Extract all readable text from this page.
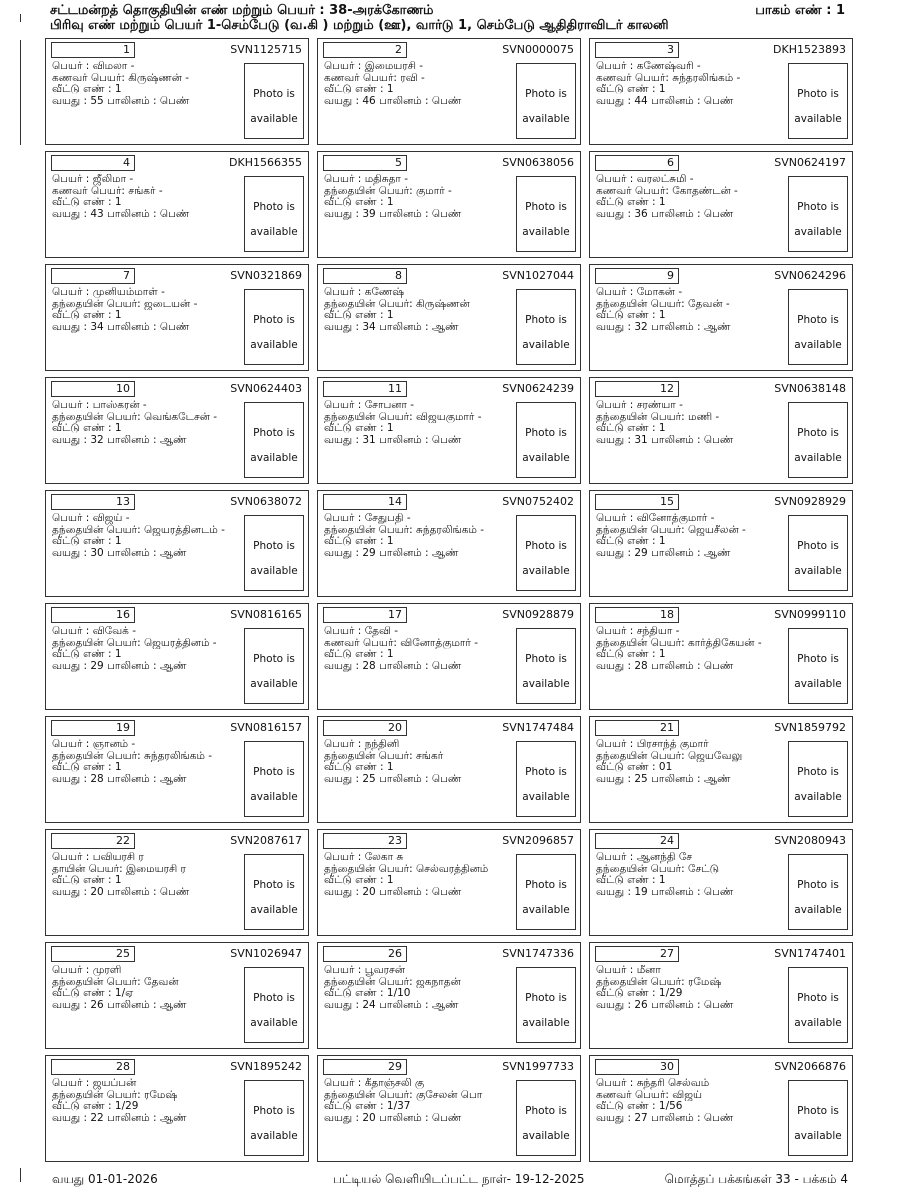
சட்டமன்றத் தொகுதியின் எண் மற்றும் பெயர் : 38-அரக்கோணம்
பிரிவு எண் மற்றும் பெயர் 1-செம்பேடு (வ.கி ) மற்றும் (ஊ), வார்டு 1, செம்பேடு ஆதிதிராவிடர் காலனி
பாகம் எண் : 1
1	SVN1125715
பெயர் : விமலா -
கணவர் பெயர்: கிருஷ்ணன் -
வீட்டு எண் : 1
வயது : 55 பாலினம் : பெண்
Photo is
available
2	SVN0000075
பெயர் : இமையரசி -
கணவர் பெயர்: ரவி -
வீட்டு எண் : 1
வயது : 46 பாலினம் : பெண்
Photo is
available
3	DKH1523893
பெயர் : கணேஷ்வரி -
கணவர் பெயர்: சுந்தரலிங்கம் -
வீட்டு எண் : 1
வயது : 44 பாலினம் : பெண்
Photo is
available
4	DKH1566355
பெயர் : ஜீலிமா -
கணவர் பெயர்: சங்கர் -
வீட்டு எண் : 1
வயது : 43 பாலினம் : பெண்
Photo is
available
5	SVN0638056
பெயர் : மதிசுதா -
தந்தையின் பெயர்: குமார் -
வீட்டு எண் : 1
வயது : 39 பாலினம் : பெண்
Photo is
available
6	SVN0624197
பெயர் : வரலட்சுமி -
கணவர் பெயர்: கோதண்டன் -
வீட்டு எண் : 1
வயது : 36 பாலினம் : பெண்
Photo is
available
7	SVN0321869
பெயர் : முனியம்மாள் -
தந்தையின் பெயர்: ஜடையன் -
வீட்டு எண் : 1
வயது : 34 பாலினம் : பெண்
Photo is
available
8	SVN1027044
பெயர் : கணேஷ்
தந்தையின் பெயர்: கிருஷ்ணன்
வீட்டு எண் : 1
வயது : 34 பாலினம் : ஆண்
Photo is
available
9	SVN0624296
பெயர் : மோகன் -
தந்தையின் பெயர்: தேவன் -
வீட்டு எண் : 1
வயது : 32 பாலினம் : ஆண்
Photo is
available
10	SVN0624403
பெயர் : பாஸ்கரன் -
தந்தையின் பெயர்: வெங்கடேசன் -
வீட்டு எண் : 1
வயது : 32 பாலினம் : ஆண்
Photo is
available
11	SVN0624239
பெயர் : சோபனா -
தந்தையின் பெயர்: விஜயகுமார் -
வீட்டு எண் : 1
வயது : 31 பாலினம் : பெண்
Photo is
available
12	SVN0638148
பெயர் : சரண்யா -
தந்தையின் பெயர்: மணி -
வீட்டு எண் : 1
வயது : 31 பாலினம் : பெண்
Photo is
available
13	SVN0638072
பெயர் : விஜய் -
தந்தையின் பெயர்: ஜெயரத்தினடம் -
வீட்டு எண் : 1
வயது : 30 பாலினம் : ஆண்
Photo is
available
14	SVN0752402
பெயர் : சேதுபதி -
தந்தையின் பெயர்: சுந்தரலிங்கம் -
வீட்டு எண் : 1
வயது : 29 பாலினம் : ஆண்
Photo is
available
15	SVN0928929
பெயர் : வினோத்குமார் -
தந்தையின் பெயர்: ஜெயசீலன் -
வீட்டு எண் : 1
வயது : 29 பாலினம் : ஆண்
Photo is
available
16	SVN0816165
பெயர் : விவேக் -
தந்தையின் பெயர்: ஜெயரத்தினம் -
வீட்டு எண் : 1
வயது : 29 பாலினம் : ஆண்
Photo is
available
17	SVN0928879
பெயர் : தேவி -
கணவர் பெயர்: வினோத்குமார் -
வீட்டு எண் : 1
வயது : 28 பாலினம் : பெண்
Photo is
available
18	SVN0999110
பெயர் : சந்தியா -
தந்தையின் பெயர்: கார்த்திகேயன் -
வீட்டு எண் : 1
வயது : 28 பாலினம் : பெண்
Photo is
available
19	SVN0816157
பெயர் : ஞானம் -
தந்தையின் பெயர்: சுந்தரலிங்கம் -
வீட்டு எண் : 1
வயது : 28 பாலினம் : ஆண்
Photo is
available
20	SVN1747484
பெயர் : நந்தினி
தந்தையின் பெயர்: சங்கர்
வீட்டு எண் : 1
வயது : 25 பாலினம் : பெண்
Photo is
available
21	SVN1859792
பெயர் : பிரசாந்த் குமார்
தந்தையின் பெயர்: ஜெயவேலு
வீட்டு எண் : 01
வயது : 25 பாலினம் : ஆண்
Photo is
available
22	SVN2087617
பெயர் : பவியரசி ர
தாயின் பெயர்: இமையரசி ர
வீட்டு எண் : 1
வயது : 20 பாலினம் : பெண்
Photo is
available
23	SVN2096857
பெயர் : லேகா சு
தந்தையின் பெயர்: செல்வரத்தினம்
வீட்டு எண் : 1
வயது : 20 பாலினம் : பெண்
Photo is
available
24	SVN2080943
பெயர் : ஆனந்தி சே
தந்தையின் பெயர்: சேட்டு
வீட்டு எண் : 1
வயது : 19 பாலினம் : பெண்
Photo is
available
25	SVN1026947
பெயர் : முரளி
தந்தையின் பெயர்: தேவன்
வீட்டு எண் : 1/ஏ
வயது : 26 பாலினம் : ஆண்
Photo is
available
26	SVN1747336
பெயர் : பூவரசன்
தந்தையின் பெயர்: ஜகநாதன்
வீட்டு எண் : 1/10
வயது : 24 பாலினம் : ஆண்
Photo is
available
27	SVN1747401
பெயர் : மீனா
தந்தையின் பெயர்: ரமேஷ்
வீட்டு எண் : 1/29
வயது : 26 பாலினம் : பெண்
Photo is
available
28	SVN1895242
பெயர் : ஜயப்பன்
தந்தையின் பெயர்: ரமேஷ்
வீட்டு எண் : 1/29
வயது : 22 பாலினம் : ஆண்
Photo is
available
29	SVN1997733
பெயர் : கீதாஞ்சலி கு
தந்தையின் பெயர்: குசேலன் பொ
வீட்டு எண் : 1/37
வயது : 20 பாலினம் : பெண்
Photo is
available
30	SVN2066876
பெயர் : சுந்தரி செல்வம்
கணவர் பெயர்: விஜய்
வீட்டு எண் : 1/56
வயது : 27 பாலினம் : பெண்
Photo is
available
வயது 01-01-2026	பட்டியல் வெளியிடப்பட்ட நாள்- 19-12-2025	மொத்தப் பக்கங்கள் 33 - பக்கம் 4
